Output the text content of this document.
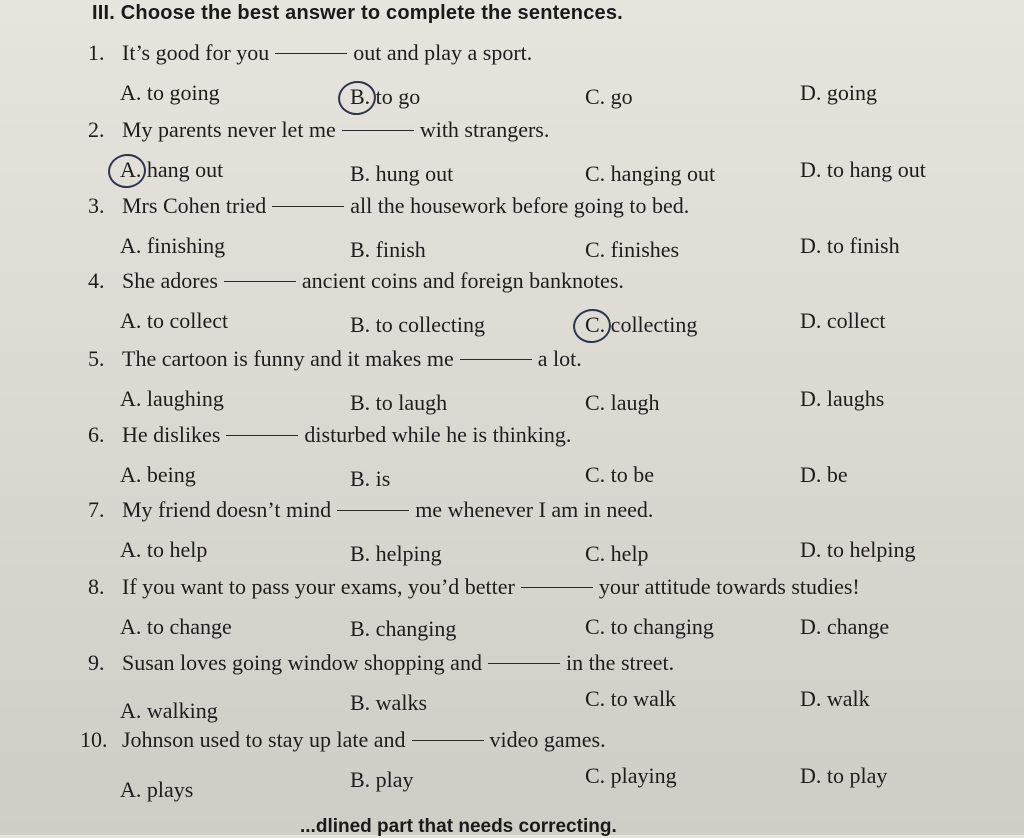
III. Choose the best answer to complete the sentences.
1. It’s good for you	out and play a sport.
A. to going	B. to go	C. go	D. going
2. My parents never let me	with strangers.
A. hang out	B. hung out	C. hanging out	D. to hang out
3. Mrs Cohen tried	all the housework before going to bed.
A. finishing	B. finish	C. finishes	D. to finish
4. She adores	ancient coins and foreign banknotes.
A. to collect	B. to collecting	C. collecting	D. collect
5. The cartoon is funny and it makes me	a lot.
A. laughing	B. to laugh	C. laugh	D. laughs
6. He dislikes	disturbed while he is thinking.
A. being	B. is	C. to be	D. be
7. My friend doesn’t mind	me whenever I am in need.
A. to help	B. helping	C. help	D. to helping
8. If you want to pass your exams, you’d better	your attitude towards studies!
A. to change	B. changing	C. to changing	D. change
9. Susan loves going window shopping and	in the street.
A. walking	B. walks	C. to walk	D. walk
10. Johnson used to stay up late and	video games.
A. plays	B. play	C. playing	D. to play
...dlined part that needs correcting.
